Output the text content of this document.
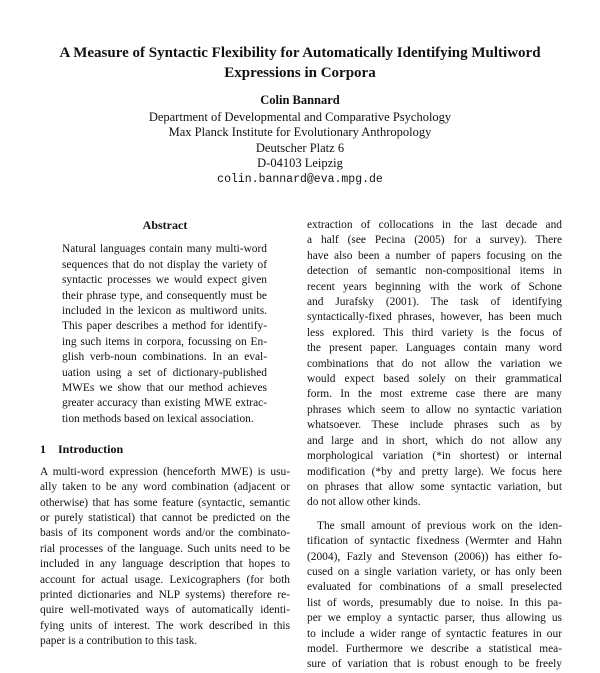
A Measure of Syntactic Flexibility for Automatically Identifying Multiword
Expressions in Corpora
Colin Bannard
Department of Developmental and Comparative Psychology
Max Planck Institute for Evolutionary Anthropology
Deutscher Platz 6
D-04103 Leipzig
colin.bannard@eva.mpg.de
Abstract
Natural languages contain many multi-word
sequences that do not display the variety of
syntactic processes we would expect given
their phrase type, and consequently must be
included in the lexicon as multiword units.
This paper describes a method for identify-
ing such items in corpora, focussing on En-
glish verb-noun combinations. In an eval-
uation using a set of dictionary-published
MWEs we show that our method achieves
greater accuracy than existing MWE extrac-
tion methods based on lexical association.
1 Introduction
A multi-word expression (henceforth MWE) is usu-
ally taken to be any word combination (adjacent or
otherwise) that has some feature (syntactic, semantic
or purely statistical) that cannot be predicted on the
basis of its component words and/or the combinato-
rial processes of the language. Such units need to be
included in any language description that hopes to
account for actual usage. Lexicographers (for both
printed dictionaries and NLP systems) therefore re-
quire well-motivated ways of automatically identi-
fying units of interest. The work described in this
paper is a contribution to this task.
extraction of collocations in the last decade and
a half (see Pecina (2005) for a survey). There
have also been a number of papers focusing on the
detection of semantic non-compositional items in
recent years beginning with the work of Schone
and Jurafsky (2001). The task of identifying
syntactically-fixed phrases, however, has been much
less explored. This third variety is the focus of
the present paper. Languages contain many word
combinations that do not allow the variation we
would expect based solely on their grammatical
form. In the most extreme case there are many
phrases which seem to allow no syntactic variation
whatsoever. These include phrases such as by
and large and in short, which do not allow any
morphological variation (*in shortest) or internal
modification (*by and pretty large). We focus here
on phrases that allow some syntactic variation, but
do not allow other kinds.
The small amount of previous work on the iden-
tification of syntactic fixedness (Wermter and Hahn
(2004), Fazly and Stevenson (2006)) has either fo-
cused on a single variation variety, or has only been
evaluated for combinations of a small preselected
list of words, presumably due to noise. In this pa-
per we employ a syntactic parser, thus allowing us
to include a wider range of syntactic features in our
model. Furthermore we describe a statistical mea-
sure of variation that is robust enough to be freely
